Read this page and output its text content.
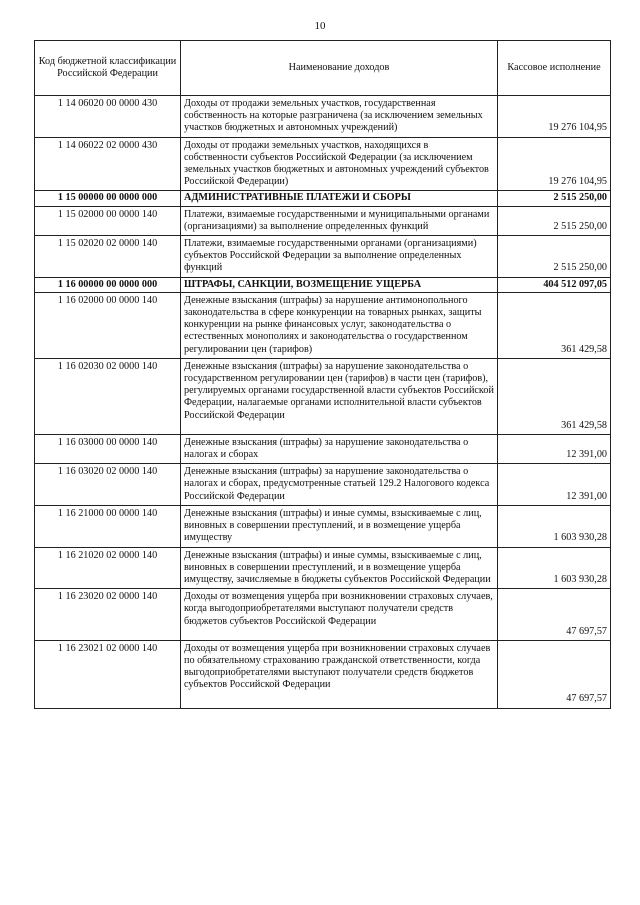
10
Код бюджетной классификации Российской Федерации	Наименование доходов	Кассовое исполнение
1 14 06020 00 0000 430	Доходы от продажи земельных участков, государственная собственность на которые разграничена (за исключением земельных участков бюджетных и автономных учреждений)	19 276 104,95
1 14 06022 02 0000 430	Доходы от продажи земельных участков, находящихся в собственности субъектов Российской Федерации (за исключением земельных участков бюджетных и автономных учреждений субъектов Российской Федерации)	19 276 104,95
1 15 00000 00 0000 000	АДМИНИСТРАТИВНЫЕ ПЛАТЕЖИ И СБОРЫ	2 515 250,00
1 15 02000 00 0000 140	Платежи, взимаемые государственными и муниципальными органами (организациями) за выполнение определенных функций	2 515 250,00
1 15 02020 02 0000 140	Платежи, взимаемые государственными органами (организациями) субъектов Российской Федерации за выполнение определенных функций	2 515 250,00
1 16 00000 00 0000 000	ШТРАФЫ, САНКЦИИ, ВОЗМЕЩЕНИЕ УЩЕРБА	404 512 097,05
1 16 02000 00 0000 140	Денежные взыскания (штрафы) за нарушение антимонопольного законодательства в сфере конкуренции на товарных рынках, защиты конкуренции на рынке финансовых услуг, законодательства о естественных монополиях и законодательства о государственном регулировании цен (тарифов)	361 429,58
1 16 02030 02 0000 140	Денежные взыскания (штрафы) за нарушение законодательства о государственном регулировании цен (тарифов) в части цен (тарифов), регулируемых органами государственной власти субъектов Российской Федерации, налагаемые органами исполнительной власти субъектов Российской Федерации	361 429,58
1 16 03000 00 0000 140	Денежные взыскания (штрафы) за нарушение законодательства о налогах и сборах	12 391,00
1 16 03020 02 0000 140	Денежные взыскания (штрафы) за нарушение законодательства о налогах и сборах, предусмотренные статьей 129.2 Налогового кодекса Российской Федерации	12 391,00
1 16 21000 00 0000 140	Денежные взыскания (штрафы) и иные суммы, взыскиваемые с лиц, виновных в совершении преступлений, и в возмещение ущерба имуществу	1 603 930,28
1 16 21020 02 0000 140	Денежные взыскания (штрафы) и иные суммы, взыскиваемые с лиц, виновных в совершении преступлений, и в возмещение ущерба имуществу, зачисляемые в бюджеты субъектов Российской Федерации	1 603 930,28
1 16 23020 02 0000 140	Доходы от возмещения ущерба при возникновении страховых случаев, когда выгодоприобретателями выступают получатели средств бюджетов субъектов Российской Федерации	47 697,57
1 16 23021 02 0000 140	Доходы от возмещения ущерба при возникновении страховых случаев по обязательному страхованию гражданской ответственности, когда выгодоприобретателями выступают получатели средств бюджетов субъектов Российской Федерации	47 697,57
